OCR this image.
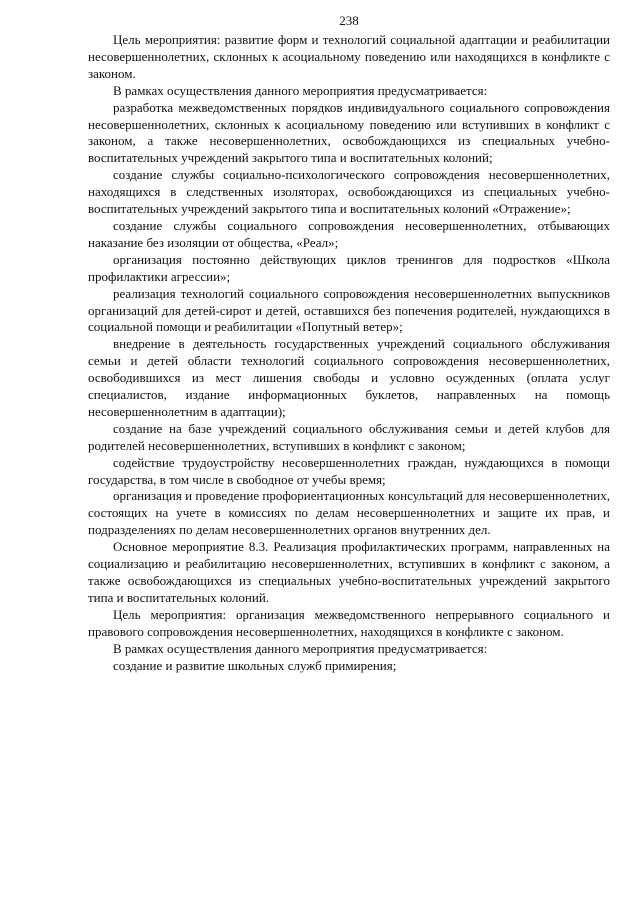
238

Цель мероприятия: развитие форм и технологий социальной адаптации и реабилитации несовершеннолетних, склонных к асоциальному поведению или находящихся в конфликте с законом.

В рамках осуществления данного мероприятия предусматривается:

разработка межведомственных порядков индивидуального социального сопровождения несовершеннолетних, склонных к асоциальному поведению или вступивших в конфликт с законом, а также несовершеннолетних, освобождающихся из специальных учебно-воспитательных учреждений закрытого типа и воспитательных колоний;

создание службы социально-психологического сопровождения несовершеннолетних, находящихся в следственных изоляторах, освобождающихся из специальных учебно-воспитательных учреждений закрытого типа и воспитательных колоний «Отражение»;

создание службы социального сопровождения несовершеннолетних, отбывающих наказание без изоляции от общества, «Реал»;

организация постоянно действующих циклов тренингов для подростков «Школа профилактики агрессии»;

реализация технологий социального сопровождения несовершеннолетних выпускников организаций для детей-сирот и детей, оставшихся без попечения родителей, нуждающихся в социальной помощи и реабилитации «Попутный ветер»;

внедрение в деятельность государственных учреждений социального обслуживания семьи и детей области технологий социального сопровождения несовершеннолетних, освободившихся из мест лишения свободы и условно осужденных (оплата услуг специалистов, издание информационных буклетов, направленных на помощь несовершеннолетним в адаптации);

создание на базе учреждений социального обслуживания семьи и детей клубов для родителей несовершеннолетних, вступивших в конфликт с законом;

содействие трудоустройству несовершеннолетних граждан, нуждающихся в помощи государства, в том числе в свободное от учебы время;

организация и проведение профориентационных консультаций для несовершеннолетних, состоящих на учете в комиссиях по делам несовершеннолетних и защите их прав, и подразделениях по делам несовершеннолетних органов внутренних дел.

Основное мероприятие 8.3. Реализация профилактических программ, направленных на социализацию и реабилитацию несовершеннолетних, вступивших в конфликт с законом, а также освобождающихся из специальных учебно-воспитательных учреждений закрытого типа и воспитательных колоний.

Цель мероприятия: организация межведомственного непрерывного социального и правового сопровождения несовершеннолетних, находящихся в конфликте с законом.

В рамках осуществления данного мероприятия предусматривается:

создание и развитие школьных служб примирения;
